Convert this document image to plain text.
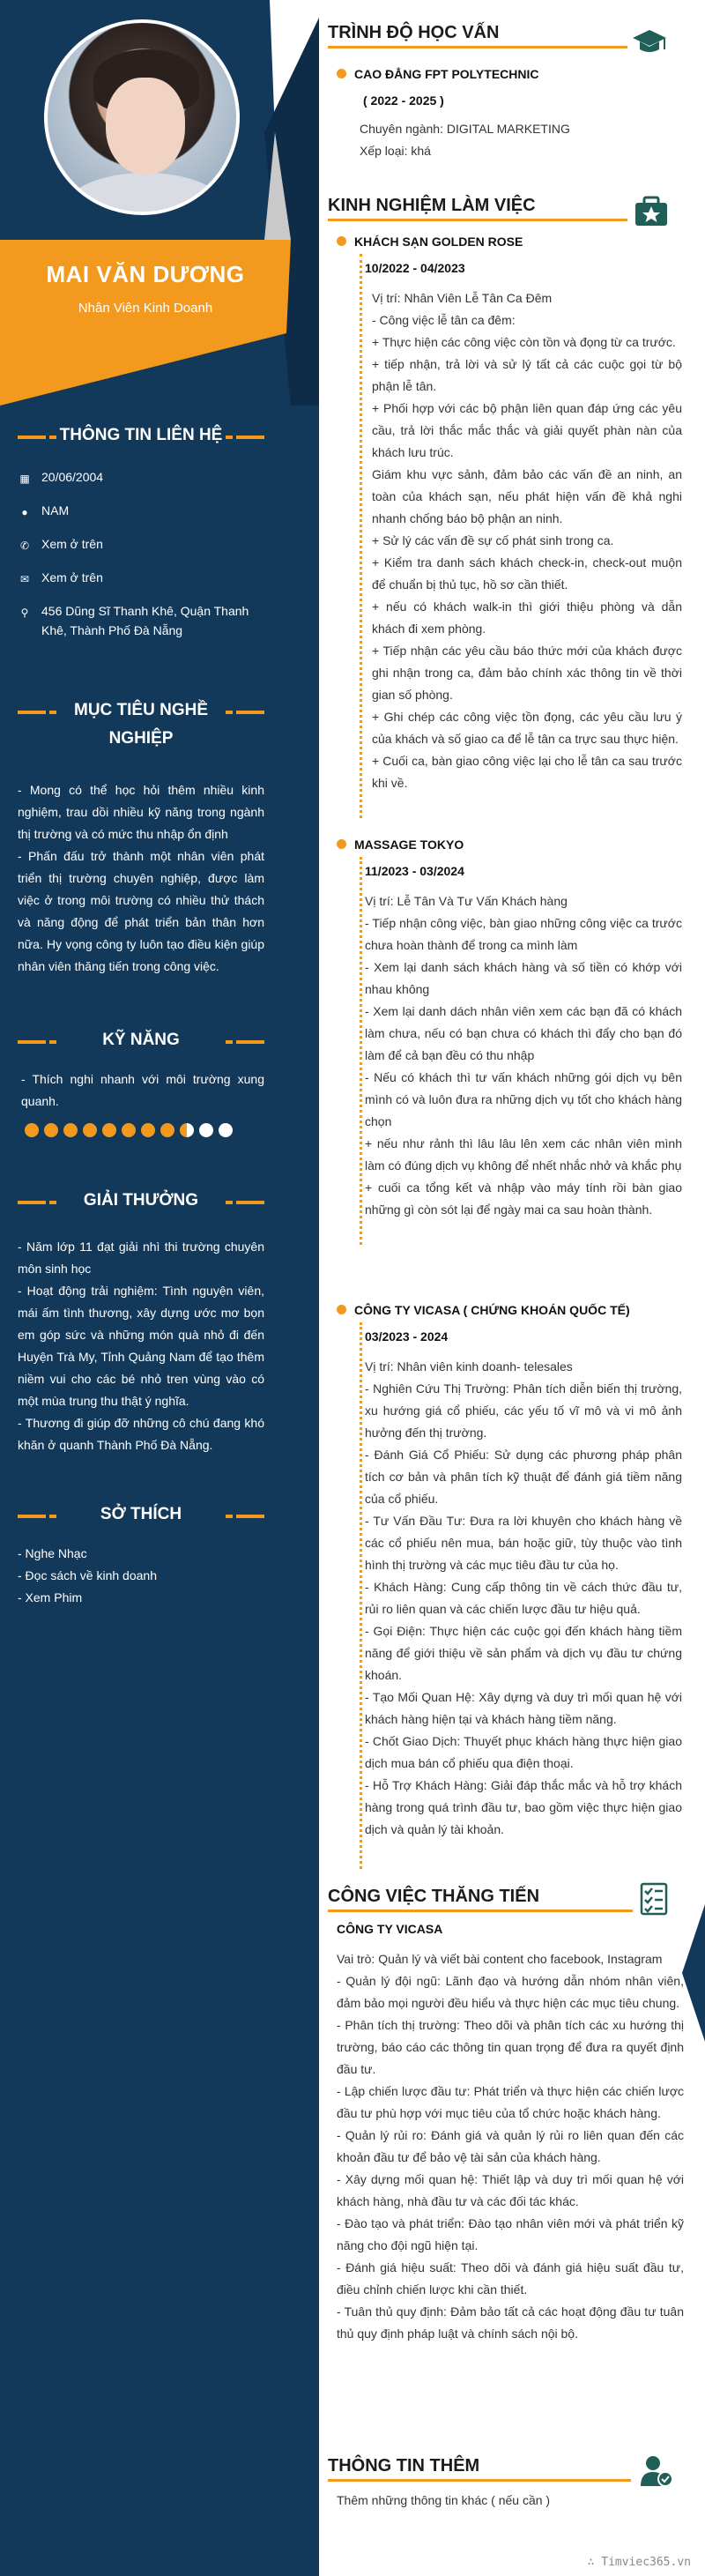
MAI VĂN DƯƠNG
Nhân Viên Kinh Doanh
THÔNG TIN LIÊN HỆ
▦ 20/06/2004
●	NAM
✆ Xem ở trên
✉ Xem ở trên
⚲ 456 Dũng Sĩ Thanh Khê, Quận Thanh Khê, Thành Phố Đà Nẵng
MỤC TIÊU NGHỀ

NGHIỆP

- Mong có thể học hỏi thêm nhiều kinh nghiệm, trau dồi nhiều kỹ năng trong ngành thị trường và có mức thu nhập ổn định

- Phấn đấu trở thành một nhân viên phát triển thị trường chuyên nghiệp, được làm việc ở trong môi trường có nhiều thử thách và năng động để phát triển bản thân hơn nữa. Hy vọng công ty luôn tạo điều kiện giúp nhân viên thăng tiến trong công việc.

KỸ NĂNG

- Thích nghi nhanh với môi trường xung quanh.

GIẢI THƯỞNG

- Năm lớp 11 đạt giải nhì thi trường chuyên môn sinh học

- Hoạt động trải nghiệm: Tình nguyện viên, mái ấm tình thương, xây dựng ước mơ bọn em góp sức và những món quà nhỏ đi đến Huyện Trà My, Tỉnh Quảng Nam để tạo thêm niềm vui cho các bé nhỏ tren vùng vào có một mùa trung thu thật ý nghĩa.

- Thương đi giúp đỡ những cô chú đang khó khăn ở quanh Thành Phố Đà Nẵng.

SỞ THÍCH

- Nghe Nhạc

- Đọc sách về kinh doanh

- Xem Phim

TRÌNH ĐỘ HỌC VẤN
CAO ĐẲNG FPT POLYTECHNIC
( 2022 - 2025 )

Chuyên ngành: DIGITAL MARKETING

Xếp loại: khá

KINH NGHIỆM LÀM VIỆC
KHÁCH SẠN GOLDEN ROSE
10/2022 - 04/2023

Vị trí: Nhân Viên Lễ Tân Ca Đêm

- Công việc lễ tân ca đêm:

+ Thực hiện các công việc còn tồn và đọng từ ca trước.

+ tiếp nhận, trả lời và sử lý tất cả các cuộc gọi từ bộ phận lễ tân.

+ Phối hợp với các bộ phận liên quan đáp ứng các yêu cầu, trả lời thắc mắc thắc và giải quyết phàn nàn của khách lưu trúc.

Giám khu vực sảnh, đảm bảo các vấn đề an ninh, an toàn của khách sạn, nếu phát hiện vấn đề khả nghi nhanh chống báo bộ phận an ninh.

+ Sử lý các vấn đề sự cố phát sinh trong ca.

+ Kiểm tra danh sách khách check-in, check-out muộn để chuẩn bị thủ tục, hồ sơ cần thiết.

+ nếu có khách walk-in thì giới thiệu phòng và dẫn khách đi xem phòng.

+ Tiếp nhận các yêu cầu báo thức mới của khách được ghi nhận trong ca, đảm bảo chính xác thông tin về thời gian số phòng.

+ Ghi chép các công việc tồn đọng, các yêu cầu lưu ý của khách và số giao ca để lễ tân ca trực sau thực hiện.

+ Cuối ca, bàn giao công việc lại cho lễ tân ca sau trước khi về.

MASSAGE TOKYO
11/2023 - 03/2024

Vị trí: Lễ Tân Và Tư Vấn Khách hàng

- Tiếp nhận công việc, bàn giao những công việc ca trước chưa hoàn thành để trong ca mình làm

- Xem lại danh sách khách hàng và số tiền có khớp với nhau không

- Xem lại danh dách nhân viên xem các bạn đã có khách làm chưa, nếu có bạn chưa có khách thì đẩy cho bạn đó làm để cả bạn đều có thu nhập

- Nếu có khách thì tư vấn khách những gói dịch vụ bên mình có và luôn đưa ra những dịch vụ tốt cho khách hàng chọn

+ nếu như rảnh thì lâu lâu lên xem các nhân viên mình làm có đúng dịch vụ không để nhết nhắc nhở và khắc phụ

+ cuối ca tổng kết và nhập vào máy tính rồi bàn giao những gì còn sót lại để ngày mai ca sau hoàn thành.

CÔNG TY VICASA ( CHỨNG KHOÁN QUỐC TẾ)
03/2023 - 2024

Vị trí: Nhân viên kinh doanh- telesales

- Nghiên Cứu Thị Trường: Phân tích diễn biến thị trường, xu hướng giá cổ phiếu, các yếu tố vĩ mô và vi mô ảnh hưởng đến thị trường.

- Đánh Giá Cổ Phiếu: Sử dụng các phương pháp phân tích cơ bản và phân tích kỹ thuật để đánh giá tiềm năng của cổ phiếu.

- Tư Vấn Đầu Tư: Đưa ra lời khuyên cho khách hàng về các cổ phiếu nên mua, bán hoặc giữ, tùy thuộc vào tình hình thị trường và các mục tiêu đầu tư của họ.

- Khách Hàng: Cung cấp thông tin về cách thức đầu tư, rủi ro liên quan và các chiến lược đầu tư hiệu quả.

- Gọi Điện: Thực hiện các cuộc gọi đến khách hàng tiềm năng để giới thiệu về sản phẩm và dịch vụ đầu tư chứng khoán.

- Tạo Mối Quan Hệ: Xây dựng và duy trì mối quan hệ với khách hàng hiện tại và khách hàng tiềm năng.

- Chốt Giao Dịch: Thuyết phục khách hàng thực hiện giao dịch mua bán cổ phiếu qua điện thoại.

- Hỗ Trợ Khách Hàng: Giải đáp thắc mắc và hỗ trợ khách hàng trong quá trình đầu tư, bao gồm việc thực hiện giao dịch và quản lý tài khoản.

CÔNG VIỆC THĂNG TIẾN
CÔNG TY VICASA

Vai trò: Quản lý và viết bài content cho facebook, Instagram

- Quản lý đội ngũ: Lãnh đạo và hướng dẫn nhóm nhân viên, đảm bảo mọi người đều hiểu và thực hiện các mục tiêu chung.

- Phân tích thị trường: Theo dõi và phân tích các xu hướng thị trường, báo cáo các thông tin quan trọng để đưa ra quyết định đầu tư.

- Lập chiến lược đầu tư: Phát triển và thực hiện các chiến lược đầu tư phù hợp với mục tiêu của tổ chức hoặc khách hàng.

- Quản lý rủi ro: Đánh giá và quản lý rủi ro liên quan đến các khoản đầu tư để bảo vệ tài sản của khách hàng.

- Xây dựng mối quan hệ: Thiết lập và duy trì mối quan hệ với khách hàng, nhà đầu tư và các đối tác khác.

- Đào tạo và phát triển: Đào tạo nhân viên mới và phát triển kỹ năng cho đội ngũ hiện tại.

- Đánh giá hiệu suất: Theo dõi và đánh giá hiệu suất đầu tư, điều chỉnh chiến lược khi cần thiết.

- Tuân thủ quy định: Đảm bảo tất cả các hoạt động đầu tư tuân thủ quy định pháp luật và chính sách nội bộ.

THÔNG TIN THÊM
Thêm những thông tin khác ( nếu cần )
∴ Timviec365.vn
